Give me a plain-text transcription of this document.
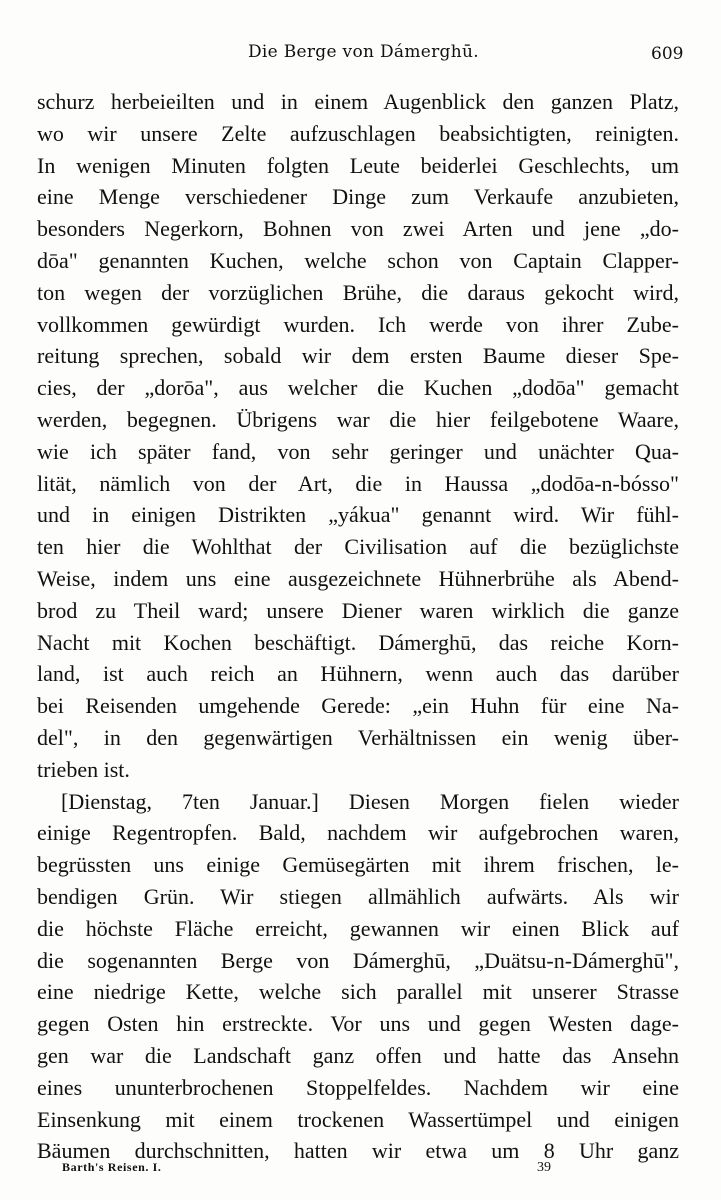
Die Berge von Dámerghū.	609
schurz herbeieilten und in einem Augenblick den ganzen Platz,
wo wir unsere Zelte aufzuschlagen beabsichtigten, reinigten.
In wenigen Minuten folgten Leute beiderlei Geschlechts, um
eine Menge verschiedener Dinge zum Verkaufe anzubieten,
besonders Negerkorn, Bohnen von zwei Arten und jene „do-
dōa" genannten Kuchen, welche schon von Captain Clapper-
ton wegen der vorzüglichen Brühe, die daraus gekocht wird,
vollkommen gewürdigt wurden. Ich werde von ihrer Zube-
reitung sprechen, sobald wir dem ersten Baume dieser Spe-
cies, der „dorōa", aus welcher die Kuchen „dodōa" gemacht
werden, begegnen. Übrigens war die hier feilgebotene Waare,
wie ich später fand, von sehr geringer und unächter Qua-
lität, nämlich von der Art, die in Haussa „dodōa-n-bósso"
und in einigen Distrikten „yákua" genannt wird. Wir fühl-
ten hier die Wohlthat der Civilisation auf die bezüglichste
Weise, indem uns eine ausgezeichnete Hühnerbrühe als Abend-
brod zu Theil ward; unsere Diener waren wirklich die ganze
Nacht mit Kochen beschäftigt. Dámerghū, das reiche Korn-
land, ist auch reich an Hühnern, wenn auch das darüber
bei Reisenden umgehende Gerede: „ein Huhn für eine Na-
del", in den gegenwärtigen Verhältnissen ein wenig über-
trieben ist.
[Dienstag, 7ten Januar.] Diesen Morgen fielen wieder
einige Regentropfen. Bald, nachdem wir aufgebrochen waren,
begrüssten uns einige Gemüsegärten mit ihrem frischen, le-
bendigen Grün. Wir stiegen allmählich aufwärts. Als wir
die höchste Fläche erreicht, gewannen wir einen Blick auf
die sogenannten Berge von Dámerghū, „Duätsu-n-Dámerghū",
eine niedrige Kette, welche sich parallel mit unserer Strasse
gegen Osten hin erstreckte. Vor uns und gegen Westen dage-
gen war die Landschaft ganz offen und hatte das Ansehn
eines ununterbrochenen Stoppelfeldes. Nachdem wir eine
Einsenkung mit einem trockenen Wassertümpel und einigen
Bäumen durchschnitten, hatten wir etwa um 8 Uhr ganz
Barth's Reisen. I.	39
